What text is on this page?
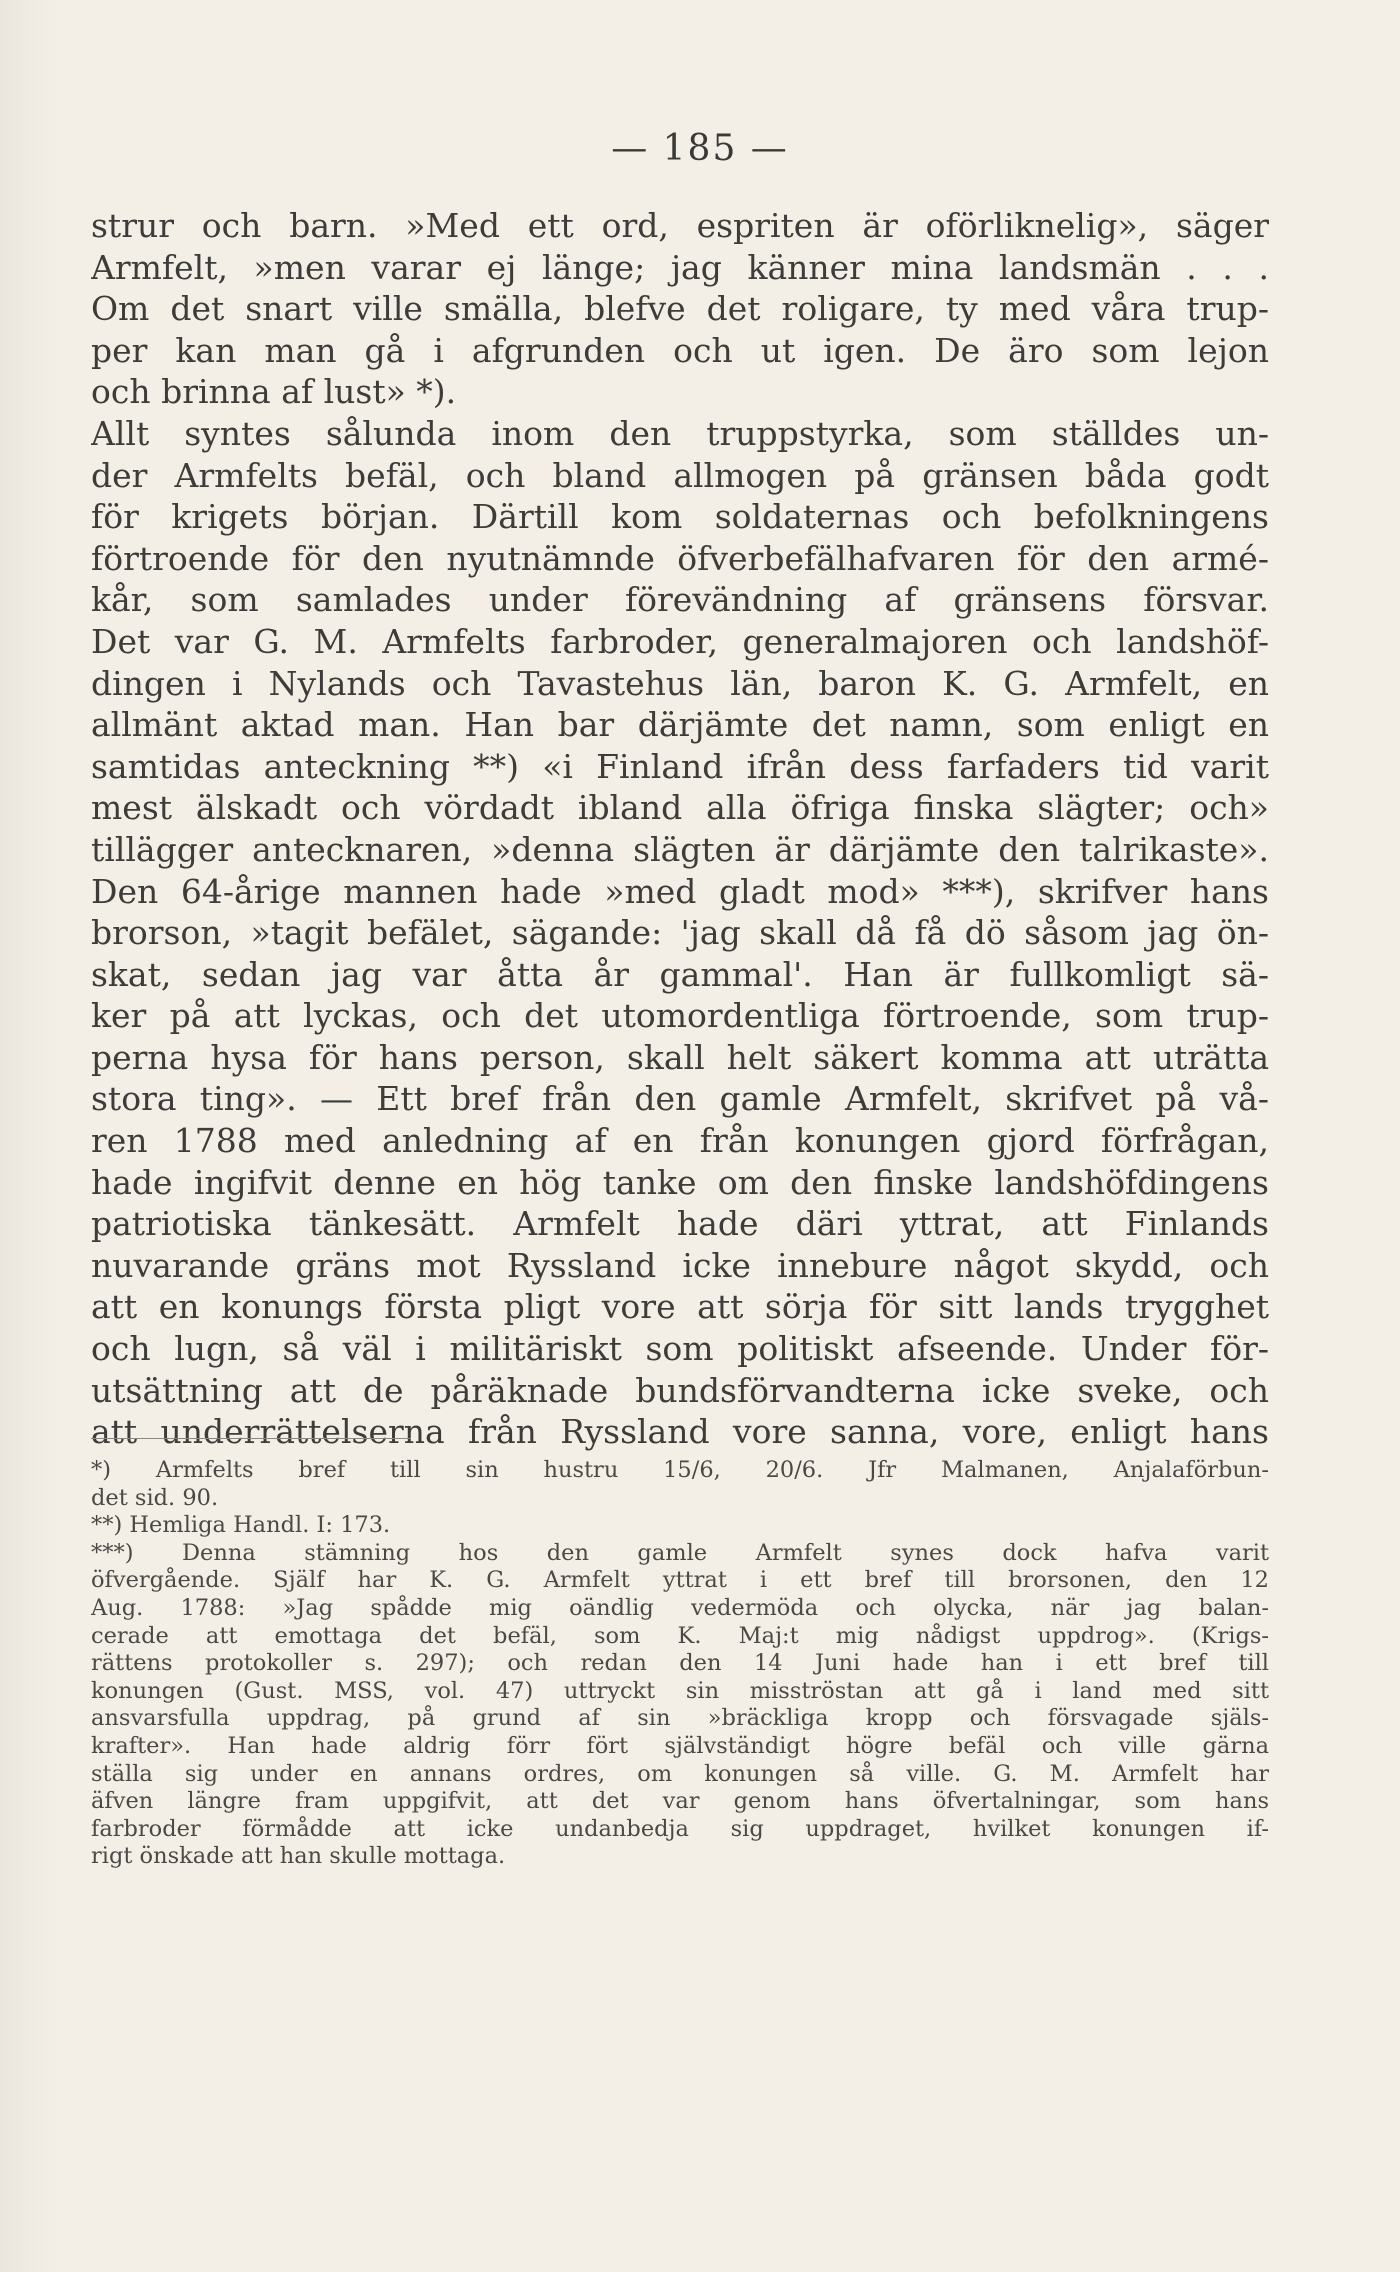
— 185 —
strur och barn. »Med ett ord, espriten är oförliknelig», säger
Armfelt, »men varar ej länge; jag känner mina landsmän . . .
Om det snart ville smälla, blefve det roligare, ty med våra trup-
per kan man gå i afgrunden och ut igen. De äro som lejon
och brinna af lust» *).
Allt syntes sålunda inom den truppstyrka, som ställdes un-
der Armfelts befäl, och bland allmogen på gränsen båda godt
för krigets början. Därtill kom soldaternas och befolkningens
förtroende för den nyutnämnde öfverbefälhafvaren för den armé-
kår, som samlades under förevändning af gränsens försvar.
Det var G. M. Armfelts farbroder, generalmajoren och landshöf-
dingen i Nylands och Tavastehus län, baron K. G. Armfelt, en
allmänt aktad man. Han bar därjämte det namn, som enligt en
samtidas anteckning **) «i Finland ifrån dess farfaders tid varit
mest älskadt och vördadt ibland alla öfriga finska slägter; och»
tillägger antecknaren, »denna slägten är därjämte den talrikaste».
Den 64-årige mannen hade »med gladt mod» ***), skrifver hans
brorson, »tagit befälet, sägande: 'jag skall då få dö såsom jag ön-
skat, sedan jag var åtta år gammal'. Han är fullkomligt sä-
ker på att lyckas, och det utomordentliga förtroende, som trup-
perna hysa för hans person, skall helt säkert komma att uträtta
stora ting». — Ett bref från den gamle Armfelt, skrifvet på vå-
ren 1788 med anledning af en från konungen gjord förfrågan,
hade ingifvit denne en hög tanke om den finske landshöfdingens
patriotiska tänkesätt. Armfelt hade däri yttrat, att Finlands
nuvarande gräns mot Ryssland icke innebure något skydd, och
att en konungs första pligt vore att sörja för sitt lands trygghet
och lugn, så väl i militäriskt som politiskt afseende. Under för-
utsättning att de påräknade bundsförvandterna icke sveke, och
att underrättelserna från Ryssland vore sanna, vore, enligt hans
*) Armfelts bref till sin hustru 15/6, 20/6. Jfr Malmanen, Anjalaförbun-
det sid. 90.
**) Hemliga Handl. I: 173.
***) Denna stämning hos den gamle Armfelt synes dock hafva varit
öfvergående. Själf har K. G. Armfelt yttrat i ett bref till brorsonen, den 12
Aug. 1788: »Jag spådde mig oändlig vedermöda och olycka, när jag balan-
cerade att emottaga det befäl, som K. Maj:t mig nådigst uppdrog». (Krigs-
rättens protokoller s. 297); och redan den 14 Juni hade han i ett bref till
konungen (Gust. MSS, vol. 47) uttryckt sin misströstan att gå i land med sitt
ansvarsfulla uppdrag, på grund af sin »bräckliga kropp och försvagade själs-
krafter». Han hade aldrig förr fört självständigt högre befäl och ville gärna
ställa sig under en annans ordres, om konungen så ville. G. M. Armfelt har
äfven längre fram uppgifvit, att det var genom hans öfvertalningar, som hans
farbroder förmådde att icke undanbedja sig uppdraget, hvilket konungen if-
rigt önskade att han skulle mottaga.
